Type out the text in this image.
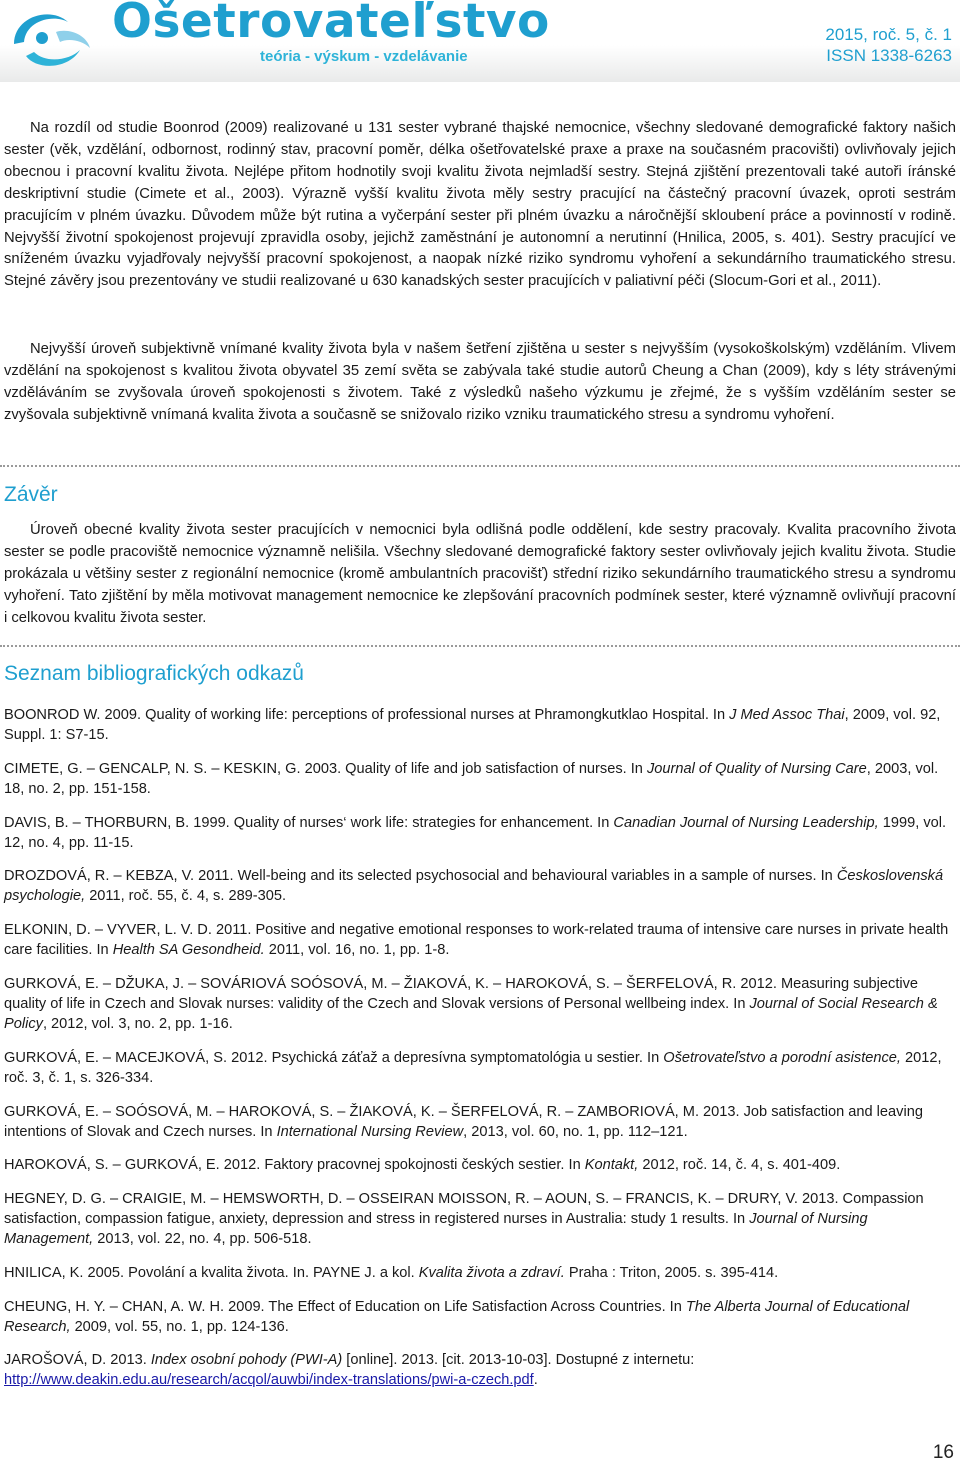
Ošetrovateľstvo
teória - výskum - vzdelávanie
2015, roč. 5, č. 1
ISSN 1338-6263

Na rozdíl od studie Boonrod (2009) realizované u 131 sester vybrané thajské nemocnice, všechny sledované demografické faktory našich sester (věk, vzdělání, odbornost, rodinný stav, pracovní poměr, délka ošetřovatelské praxe a praxe na současném pracovišti) ovlivňovaly jejich obecnou i pracovní kvalitu života. Nejlépe přitom hodnotily svoji kvalitu života nejmladší sestry. Stejná zjištění prezentovali také autoři íránské deskriptivní studie (Cimete et al., 2003). Výrazně vyšší kvalitu života měly sestry pracující na částečný pracovní úvazek, oproti sestrám pracujícím v plném úvazku. Důvodem může být rutina a vyčerpání sester při plném úvazku a náročnější skloubení práce a povinností v rodině. Nejvyšší životní spokojenost projevují zpravidla osoby, jejichž zaměstnání je autonomní a nerutinní (Hnilica, 2005, s. 401). Sestry pracující ve sníženém úvazku vyjadřovaly nejvyšší pracovní spokojenost, a naopak nízké riziko syndromu vyhoření a sekundárního traumatického stresu. Stejné závěry jsou prezentovány ve studii realizované u 630 kanadských sester pracujících v paliativní péči (Slocum-Gori et al., 2011).

Nejvyšší úroveň subjektivně vnímané kvality života byla v našem šetření zjištěna u sester s nejvyšším (vysokoškolským) vzděláním. Vlivem vzdělání na spokojenost s kvalitou života obyvatel 35 zemí světa se zabývala také studie autorů Cheung a Chan (2009), kdy s léty strávenými vzděláváním se zvyšovala úroveň spokojenosti s životem. Také z výsledků našeho výzkumu je zřejmé, že s vyšším vzděláním sester se zvyšovala subjektivně vnímaná kvalita života a současně se snižovalo riziko vzniku traumatického stresu a syndromu vyhoření.

Závěr

Úroveň obecné kvality života sester pracujících v nemocnici byla odlišná podle oddělení, kde sestry pracovaly. Kvalita pracovního života sester se podle pracoviště nemocnice významně nelišila. Všechny sledované demografické faktory sester ovlivňovaly jejich kvalitu života. Studie prokázala u většiny sester z regionální nemocnice (kromě ambulantních pracovišť) střední riziko sekundárního traumatického stresu a syndromu vyhoření. Tato zjištění by měla motivovat management nemocnice ke zlepšování pracovních podmínek sester, které významně ovlivňují pracovní i celkovou kvalitu života sester.

Seznam bibliografických odkazů

BOONROD W. 2009. Quality of working life: perceptions of professional nurses at Phramongkutklao Hospital. In J Med Assoc Thai, 2009, vol. 92, Suppl. 1: S7-15.

CIMETE, G. – GENCALP, N. S. – KESKIN, G. 2003. Quality of life and job satisfaction of nurses. In Journal of Quality of Nursing Care, 2003, vol. 18, no. 2, pp. 151-158.

DAVIS, B. – THORBURN, B. 1999. Quality of nurses‘ work life: strategies for enhancement. In Canadian Journal of Nursing Leadership, 1999, vol. 12, no. 4, pp. 11-15.

DROZDOVÁ, R. – KEBZA, V. 2011. Well-being and its selected psychosocial and behavioural variables in a sample of nurses. In Československá psychologie, 2011, roč. 55, č. 4, s. 289-305.

ELKONIN, D. – VYVER, L. V. D. 2011. Positive and negative emotional responses to work-related trauma of intensive care nurses in private health care facilities. In Health SA Gesondheid. 2011, vol. 16, no. 1, pp. 1-8.

GURKOVÁ, E. – DŽUKA, J. – SOVÁRIOVÁ SOÓSOVÁ, M. – ŽIAKOVÁ, K. – HAROKOVÁ, S. – ŠERFELOVÁ, R. 2012. Measuring subjective quality of life in Czech and Slovak nurses: validity of the Czech and Slovak versions of Personal wellbeing index. In Journal of Social Research & Policy, 2012, vol. 3, no. 2, pp. 1-16.

GURKOVÁ, E. – MACEJKOVÁ, S. 2012. Psychická záťaž a depresívna symptomatológia u sestier. In Ošetrovateľstvo a porodní asistence, 2012, roč. 3, č. 1, s. 326-334.

GURKOVÁ, E. – SOÓSOVÁ, M. – HAROKOVÁ, S. – ŽIAKOVÁ, K. – ŠERFELOVÁ, R. – ZAMBORIOVÁ, M. 2013. Job satisfaction and leaving intentions of Slovak and Czech nurses. In International Nursing Review, 2013, vol. 60, no. 1, pp. 112–121.

HAROKOVÁ, S. – GURKOVÁ, E. 2012. Faktory pracovnej spokojnosti českých sestier. In Kontakt, 2012, roč. 14, č. 4, s. 401-409.

HEGNEY, D. G. – CRAIGIE, M. – HEMSWORTH, D. – OSSEIRAN MOISSON, R. – AOUN, S. – FRANCIS, K. – DRURY, V. 2013. Compassion satisfaction, compassion fatigue, anxiety, depression and stress in registered nurses in Australia: study 1 results. In Journal of Nursing Management, 2013, vol. 22, no. 4, pp. 506-518.

HNILICA, K. 2005. Povolání a kvalita života. In. PAYNE J. a kol. Kvalita života a zdraví. Praha : Triton, 2005. s. 395-414.

CHEUNG, H. Y. – CHAN, A. W. H. 2009. The Effect of Education on Life Satisfaction Across Countries. In The Alberta Journal of Educational Research, 2009, vol. 55, no. 1, pp. 124-136.

JAROŠOVÁ, D. 2013. Index osobní pohody (PWI-A) [online]. 2013. [cit. 2013-10-03]. Dostupné z internetu: http://www.deakin.edu.au/research/acqol/auwbi/index-translations/pwi-a-czech.pdf.

16
